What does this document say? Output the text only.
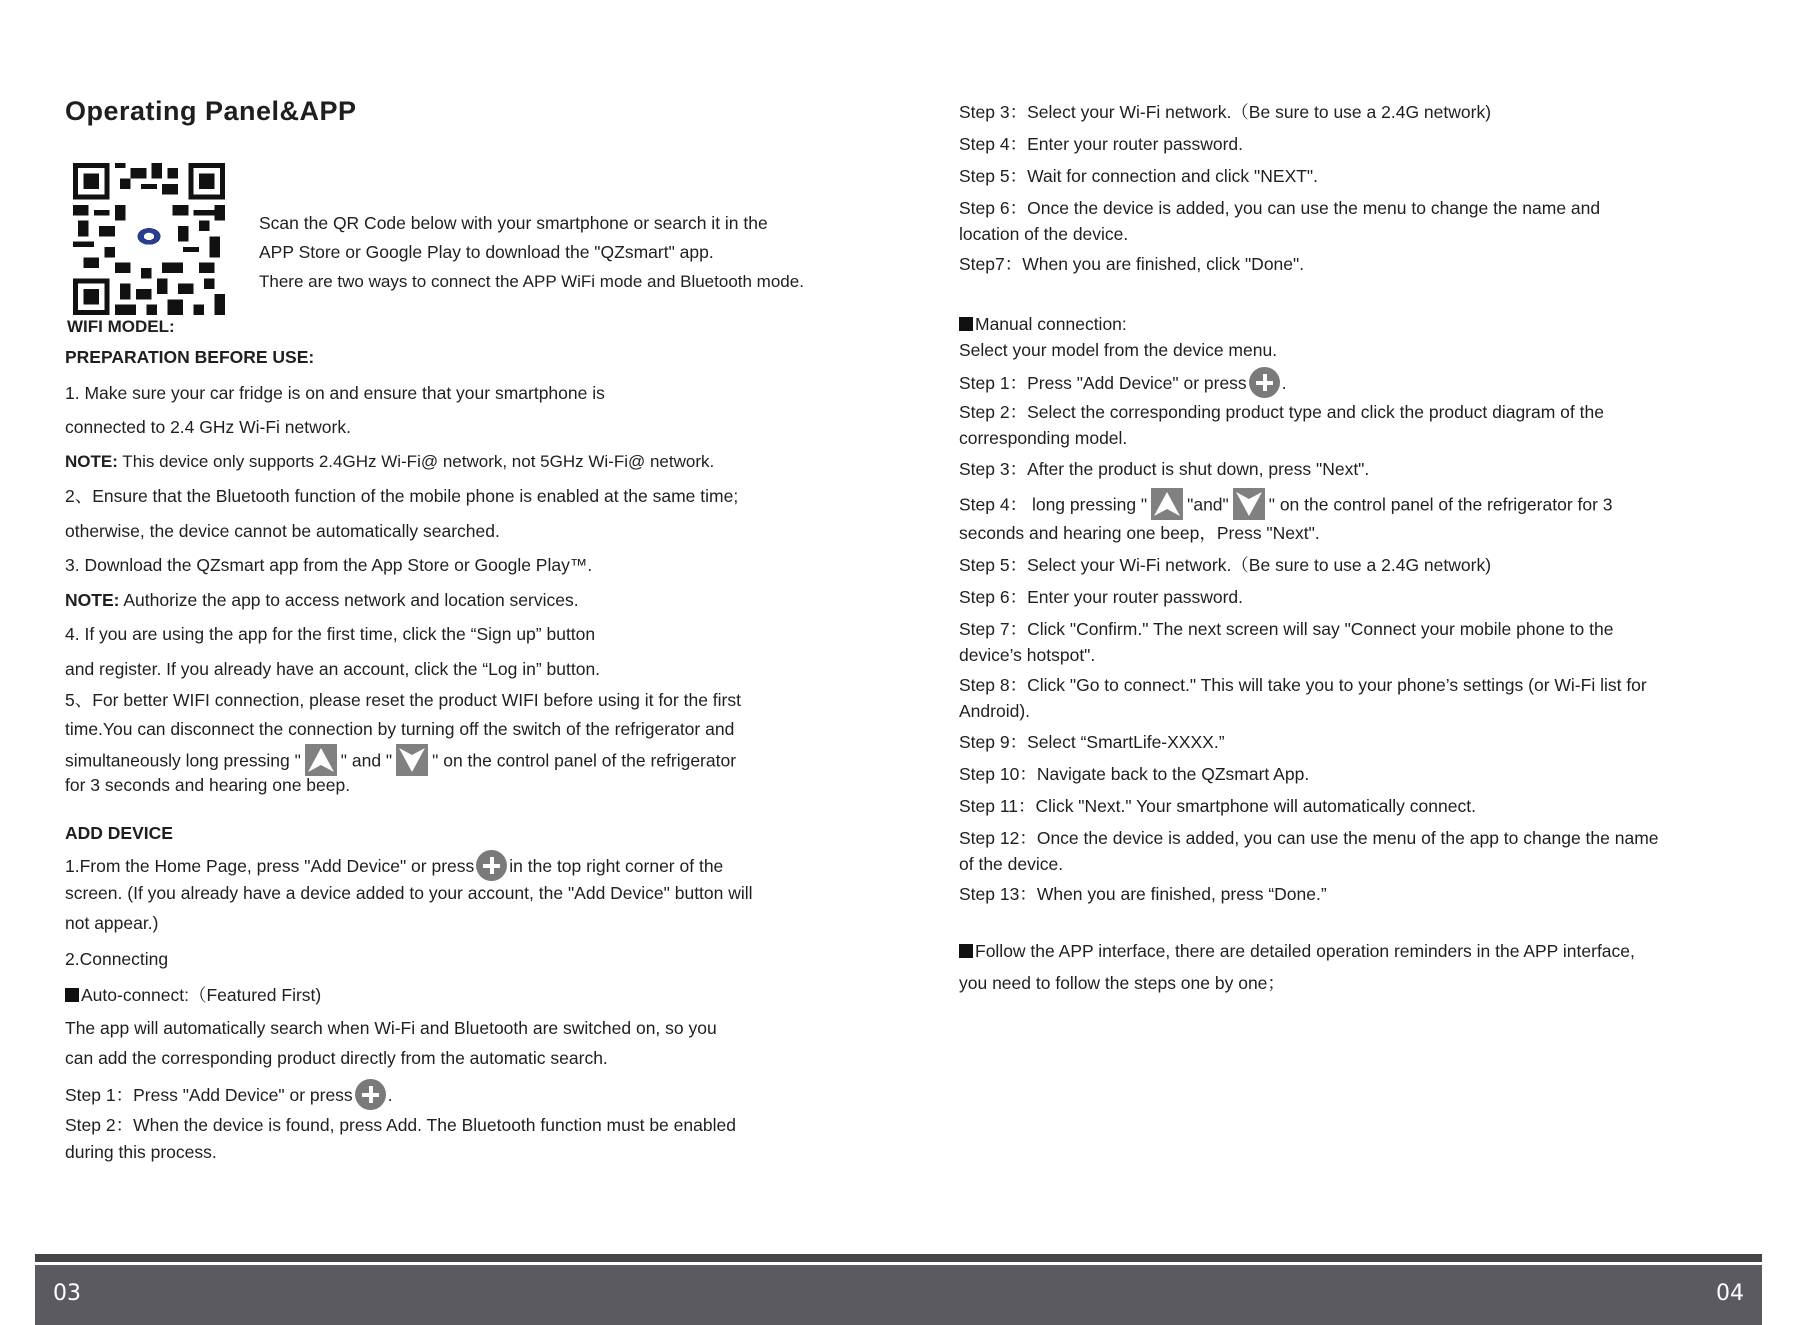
Operating Panel&APP
Scan the QR Code below with your smartphone or search it in the
APP Store or Google Play to download the "QZsmart" app.
There are two ways to connect the APP WiFi mode and Bluetooth mode.
WIFI MODEL:
PREPARATION BEFORE USE:
1. Make sure your car fridge is on and ensure that your smartphone is
connected to 2.4 GHz Wi-Fi network.
NOTE: This device only supports 2.4GHz Wi-Fi@ network, not 5GHz Wi-Fi@ network.
2、Ensure that the Bluetooth function of the mobile phone is enabled at the same time;
otherwise, the device cannot be automatically searched.
3. Download the QZsmart app from the App Store or Google Play™.
NOTE: Authorize the app to access network and location services.
4. If you are using the app for the first time, click the “Sign up” button
and register. If you already have an account, click the “Log in” button.
5、For better WIFI connection, please reset the product WIFI before using it for the first
time.You can disconnect the connection by turning off the switch of the refrigerator and
simultaneously long pressing " " and " " on the control panel of the refrigerator
for 3 seconds and hearing one beep.
ADD DEVICE
1.From the Home Page, press "Add Device" or press in the top right corner of the
screen. (If you already have a device added to your account, the "Add Device" button will
not appear.)
2.Connecting
Auto-connect:（Featured First)
The app will automatically search when Wi-Fi and Bluetooth are switched on, so you
can add the corresponding product directly from the automatic search.
Step 1：Press "Add Device" or press .
Step 2：When the device is found, press Add. The Bluetooth function must be enabled
during this process.
Step 3：Select your Wi-Fi network.（Be sure to use a 2.4G network)
Step 4：Enter your router password.
Step 5：Wait for connection and click "NEXT".
Step 6：Once the device is added, you can use the menu to change the name and
location of the device.
Step7：When you are finished, click "Done".
Manual connection:
Select your model from the device menu.
Step 1：Press "Add Device" or press .
Step 2：Select the corresponding product type and click the product diagram of the
corresponding model.
Step 3：After the product is shut down, press "Next".
Step 4： long pressing " "and" " on the control panel of the refrigerator for 3
seconds and hearing one beep，Press "Next".
Step 5：Select your Wi-Fi network.（Be sure to use a 2.4G network)
Step 6：Enter your router password.
Step 7：Click "Confirm." The next screen will say "Connect your mobile phone to the
device’s hotspot".
Step 8：Click "Go to connect." This will take you to your phone’s settings (or Wi-Fi list for
Android).
Step 9：Select “SmartLife-XXXX.”
Step 10：Navigate back to the QZsmart App.
Step 11：Click "Next." Your smartphone will automatically connect.
Step 12：Once the device is added, you can use the menu of the app to change the name
of the device.
Step 13：When you are finished, press “Done.”
Follow the APP interface, there are detailed operation reminders in the APP interface,
you need to follow the steps one by one；
03	04
